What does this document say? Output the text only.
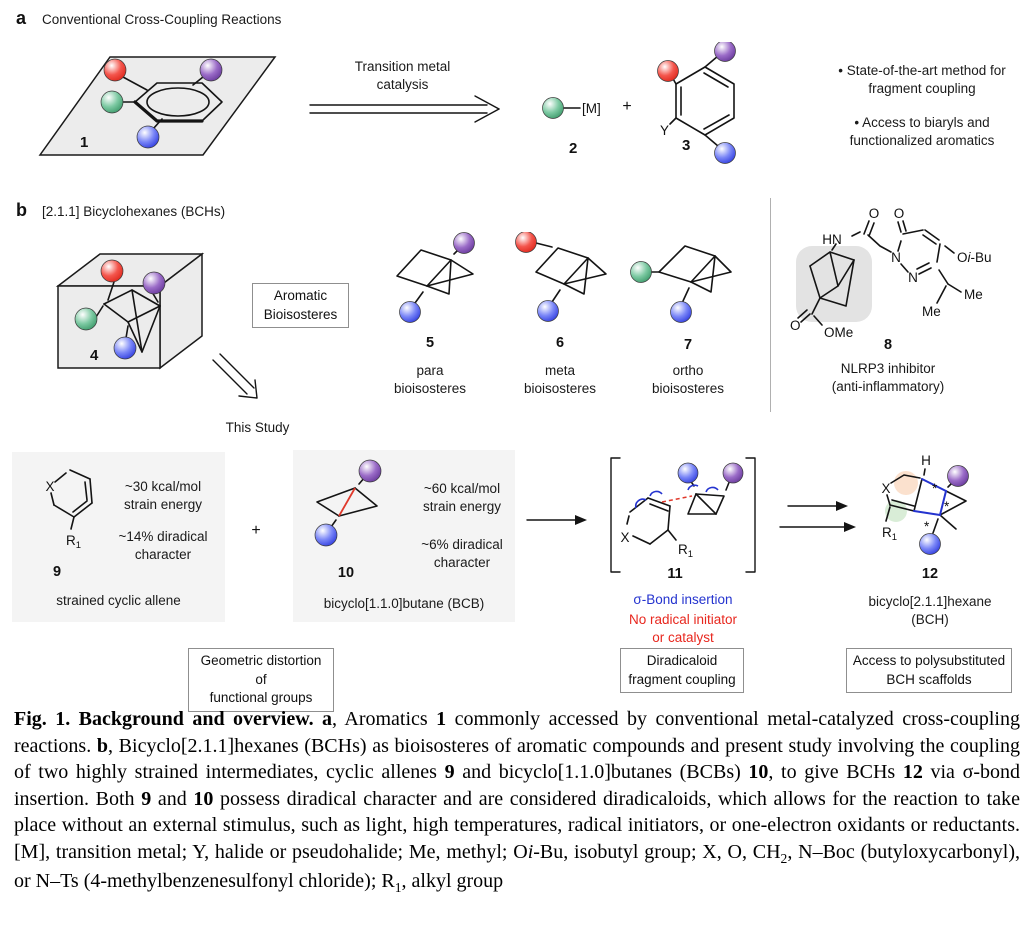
a Conventional Cross-Coupling Reactions
1
Transition metal
catalysis
[M]
2
+
Y
3
• State-of-the-art method for
fragment coupling
• Access to biaryls and
functionalized aromatics
b [2.1.1] Bicyclohexanes (BCHs)
4
This Study
Aromatic
Bioisosteres
5
para
bioisosteres
6
meta
bioisosteres
7
ortho
bioisosteres
HN
O O
N
N
Oi-Bu
Me
Me
OMe
O
8
NLRP3 inhibitor
(anti-inflammatory)
X
$R_1$
~30 kcal/mol
strain energy
~14% diradical
character
9
strained cyclic allene
+
~60 kcal/mol
strain energy
~6% diradical
character
10
bicyclo[1.1.0]butane (BCB)
X
$R_1$
11
σ-Bond insertion
No radical initiator
or catalyst
X
H
$R_1$
*
*
*
12
bicyclo[2.1.1]hexane
(BCH)
Geometric distortion of
functional groups
Diradicaloid
fragment coupling
Access to polysubstituted
BCH scaffolds
Fig. 1. Background and overview. a, Aromatics 1 commonly accessed by conventional metal-catalyzed cross-coupling reactions. b, Bicyclo[2.1.1]hexanes (BCHs) as bioisosteres of aromatic compounds and present study involving the coupling of two highly strained intermediates, cyclic allenes 9 and bicyclo[1.1.0]butanes (BCBs) 10, to give BCHs 12 via σ-bond insertion. Both 9 and 10 possess diradical character and are considered diradicaloids, which allows for the reaction to take place without an external stimulus, such as light, high temperatures, radical initiators, or one-electron oxidants or reductants. [M], transition metal; Y, halide or pseudohalide; Me, methyl; Oi-Bu, isobutyl group; X, O, $CH_2$, N–Boc (butyloxycarbonyl), or N–Ts (4-methylbenzenesulfonyl chloride); $R_1$, alkyl group
